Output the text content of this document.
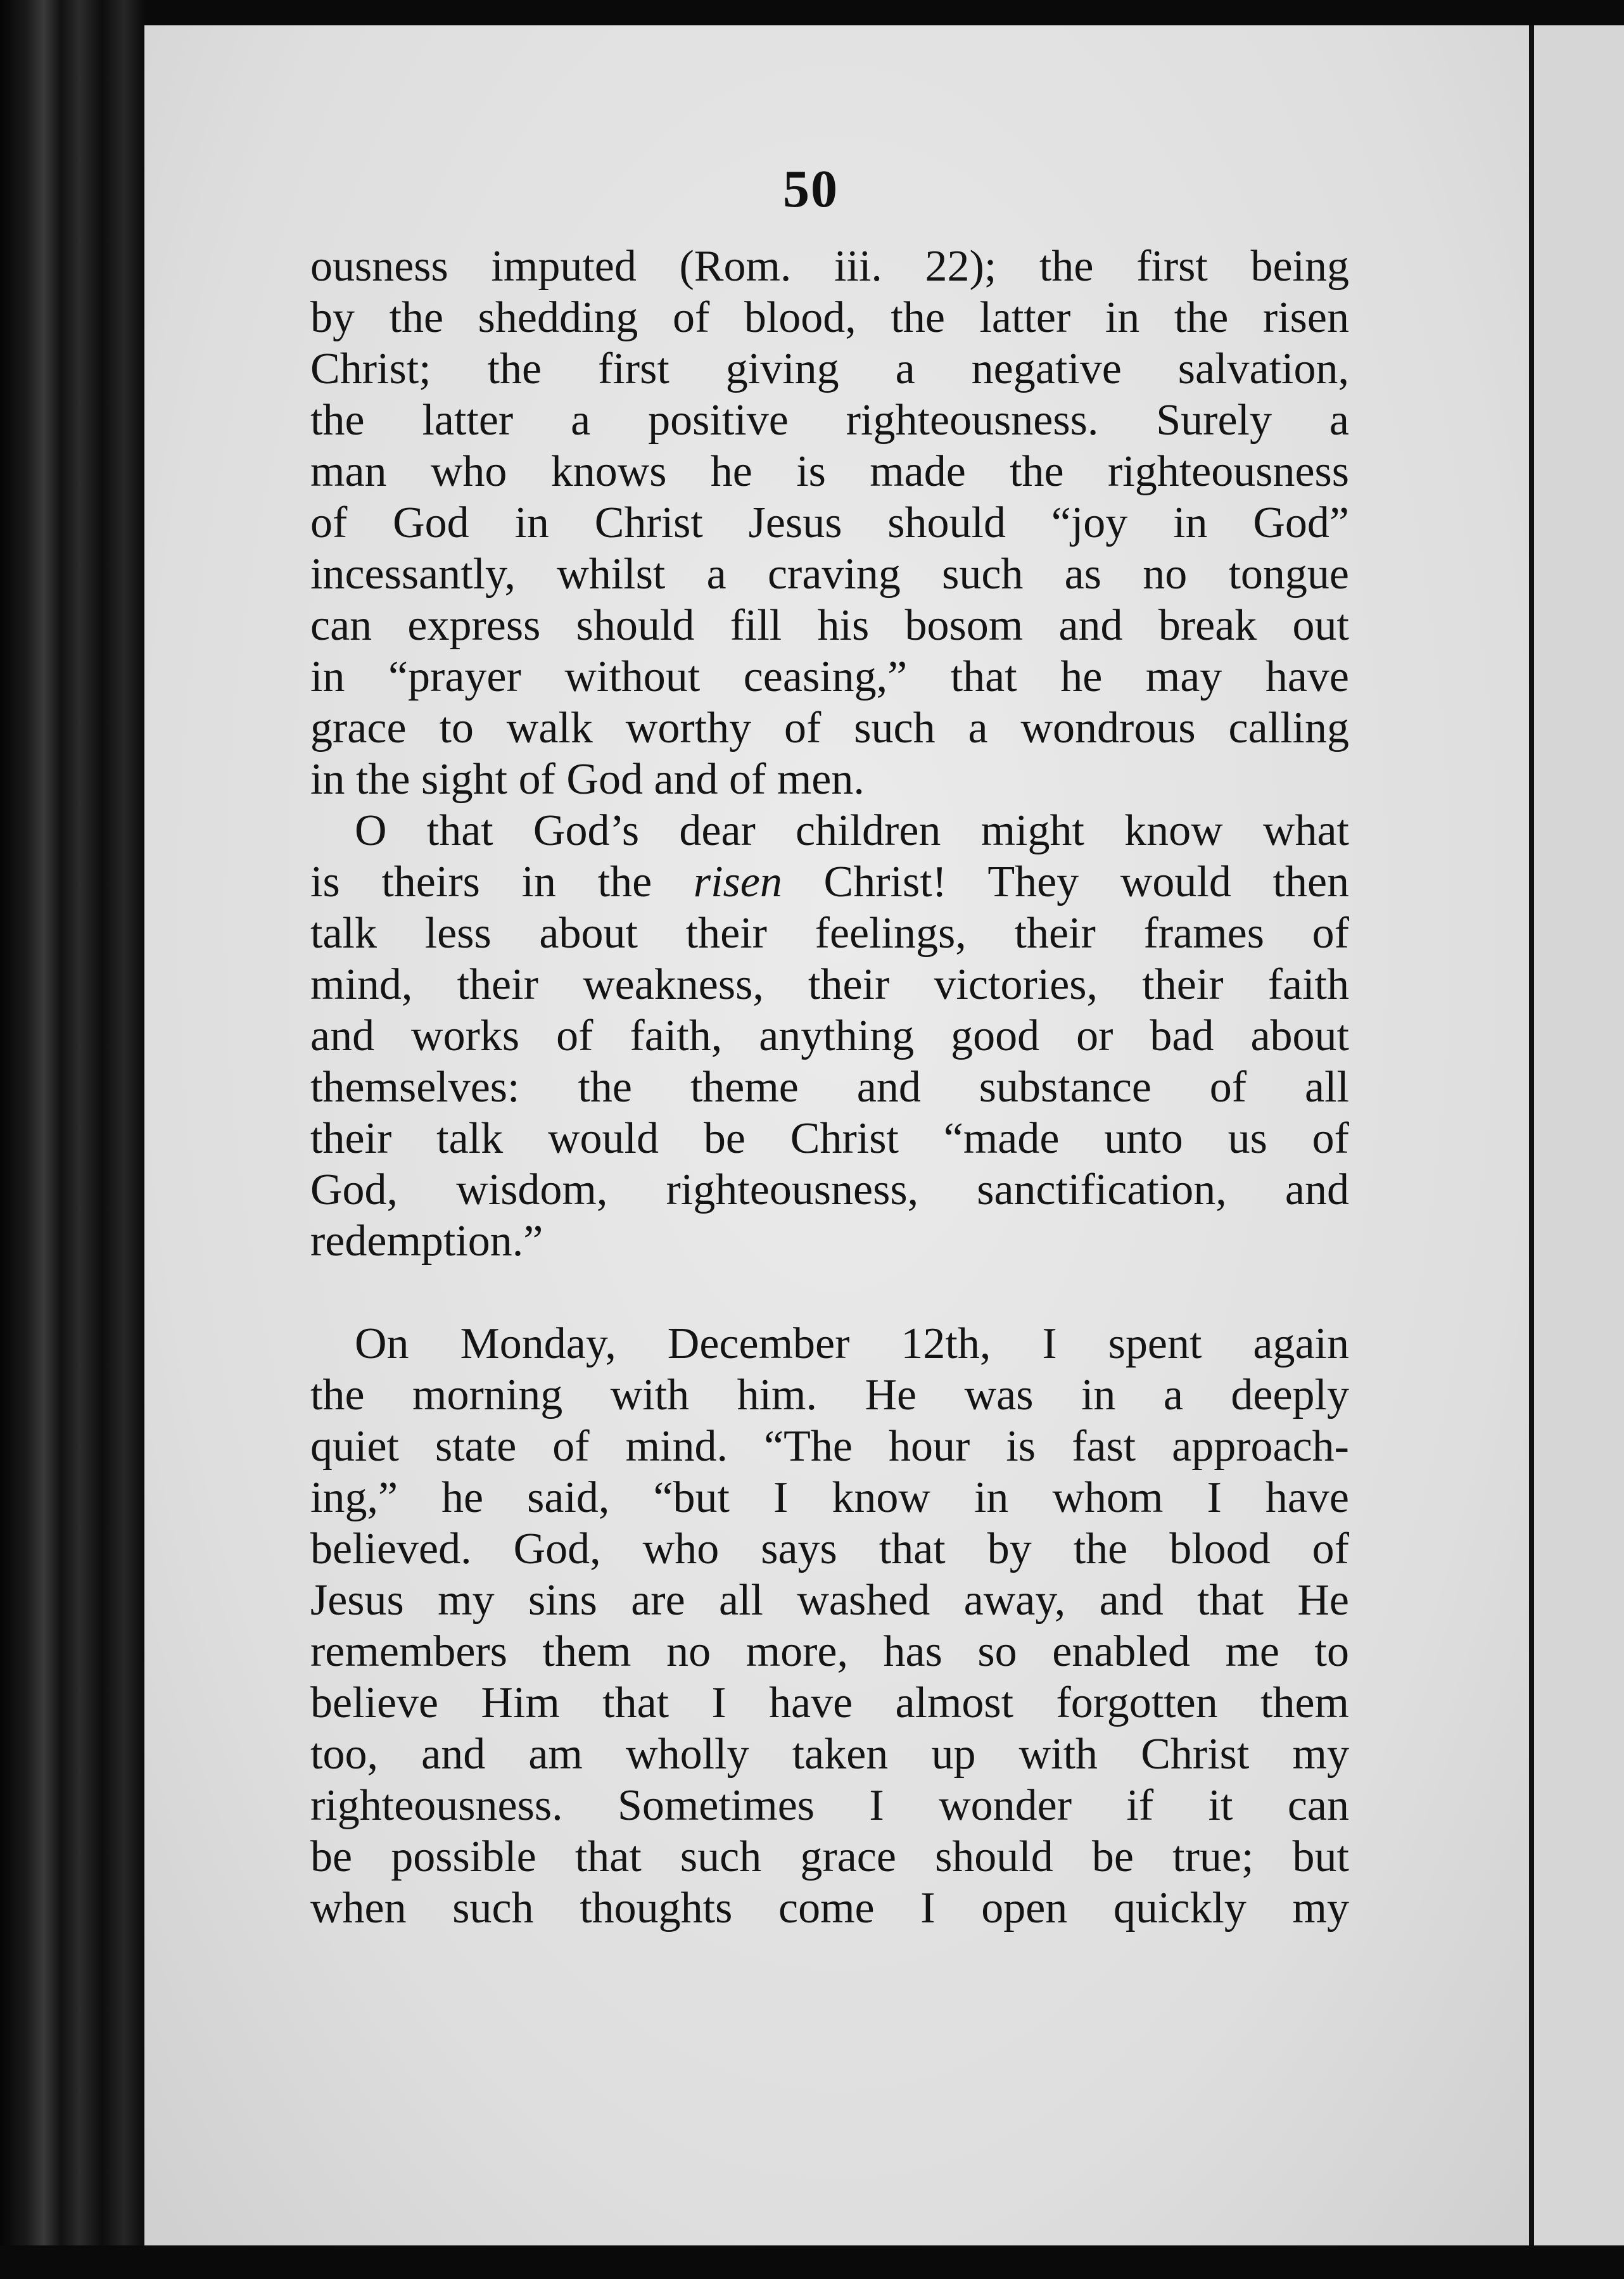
50
ousness imputed (Rom. iii. 22); the first being
by the shedding of blood, the latter in the risen
Christ; the first giving a negative salvation,
the latter a positive righteousness. Surely a
man who knows he is made the righteousness
of God in Christ Jesus should “joy in God”
incessantly, whilst a craving such as no tongue
can express should fill his bosom and break out
in “prayer without ceasing,” that he may have
grace to walk worthy of such a wondrous calling
in the sight of God and of men.
O that God’s dear children might know what
is theirs in the risen Christ! They would then
talk less about their feelings, their frames of
mind, their weakness, their victories, their faith
and works of faith, anything good or bad about
themselves: the theme and substance of all
their talk would be Christ “made unto us of
God, wisdom, righteousness, sanctification, and
redemption.”
On Monday, December 12th, I spent again
the morning with him. He was in a deeply
quiet state of mind. “The hour is fast approach-
ing,” he said, “but I know in whom I have
believed. God, who says that by the blood of
Jesus my sins are all washed away, and that He
remembers them no more, has so enabled me to
believe Him that I have almost forgotten them
too, and am wholly taken up with Christ my
righteousness. Sometimes I wonder if it can
be possible that such grace should be true; but
when such thoughts come I open quickly my
